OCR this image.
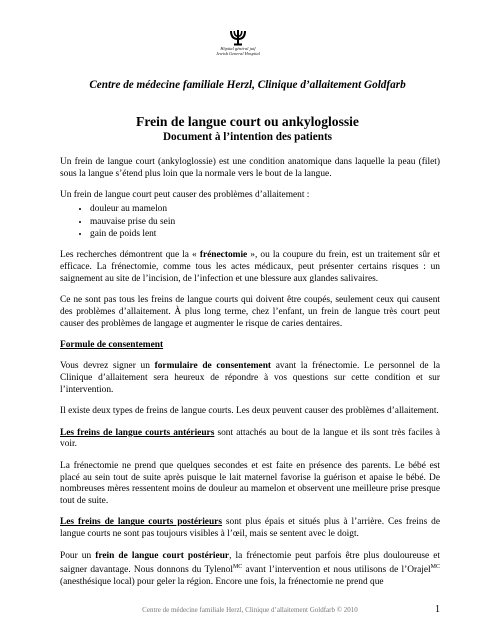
Hôpital général juif
Jewish General Hospital
Centre de médecine familiale Herzl, Clinique d’allaitement Goldfarb
Frein de langue court ou ankyloglossie
Document à l’intention des patients

Un frein de langue court (ankyloglossie) est une condition anatomique dans laquelle la peau (filet) sous la langue s’étend plus loin que la normale vers le bout de la langue.

Un frein de langue court peut causer des problèmes d’allaitement :

• douleur au mamelon
• mauvaise prise du sein
• gain de poids lent

Les recherches démontrent que la « frénectomie », ou la coupure du frein, est un traitement sûr et efficace. La frénectomie, comme tous les actes médicaux, peut présenter certains risques : un saignement au site de l’incision, de l’infection et une blessure aux glandes salivaires.

Ce ne sont pas tous les freins de langue courts qui doivent être coupés, seulement ceux qui causent des problèmes d’allaitement. À plus long terme, chez l’enfant, un frein de langue très court peut causer des problèmes de langage et augmenter le risque de caries dentaires.

Formule de consentement

Vous devrez signer un formulaire de consentement avant la frénectomie. Le personnel de la Clinique d’allaitement sera heureux de répondre à vos questions sur cette condition et sur l’intervention.

Il existe deux types de freins de langue courts. Les deux peuvent causer des problèmes d’allaitement.

Les freins de langue courts antérieurs sont attachés au bout de la langue et ils sont très faciles à voir.

La frénectomie ne prend que quelques secondes et est faite en présence des parents. Le bébé est placé au sein tout de suite après puisque le lait maternel favorise la guérison et apaise le bébé. De nombreuses mères ressentent moins de douleur au mamelon et observent une meilleure prise presque tout de suite.

Les freins de langue courts postérieurs sont plus épais et situés plus à l’arrière. Ces freins de langue courts ne sont pas toujours visibles à l’œil, mais se sentent avec le doigt.

Pour un frein de langue court postérieur, la frénectomie peut parfois être plus douloureuse et saigner davantage. Nous donnons du Tylenol$^{MC}$ avant l’intervention et nous utilisons de l’Orajel$^{MC}$ (anesthésique local) pour geler la région. Encore une fois, la frénectomie ne prend que

Centre de médecine familiale Herzl, Clinique d’allaitement Goldfarb © 2010	1
